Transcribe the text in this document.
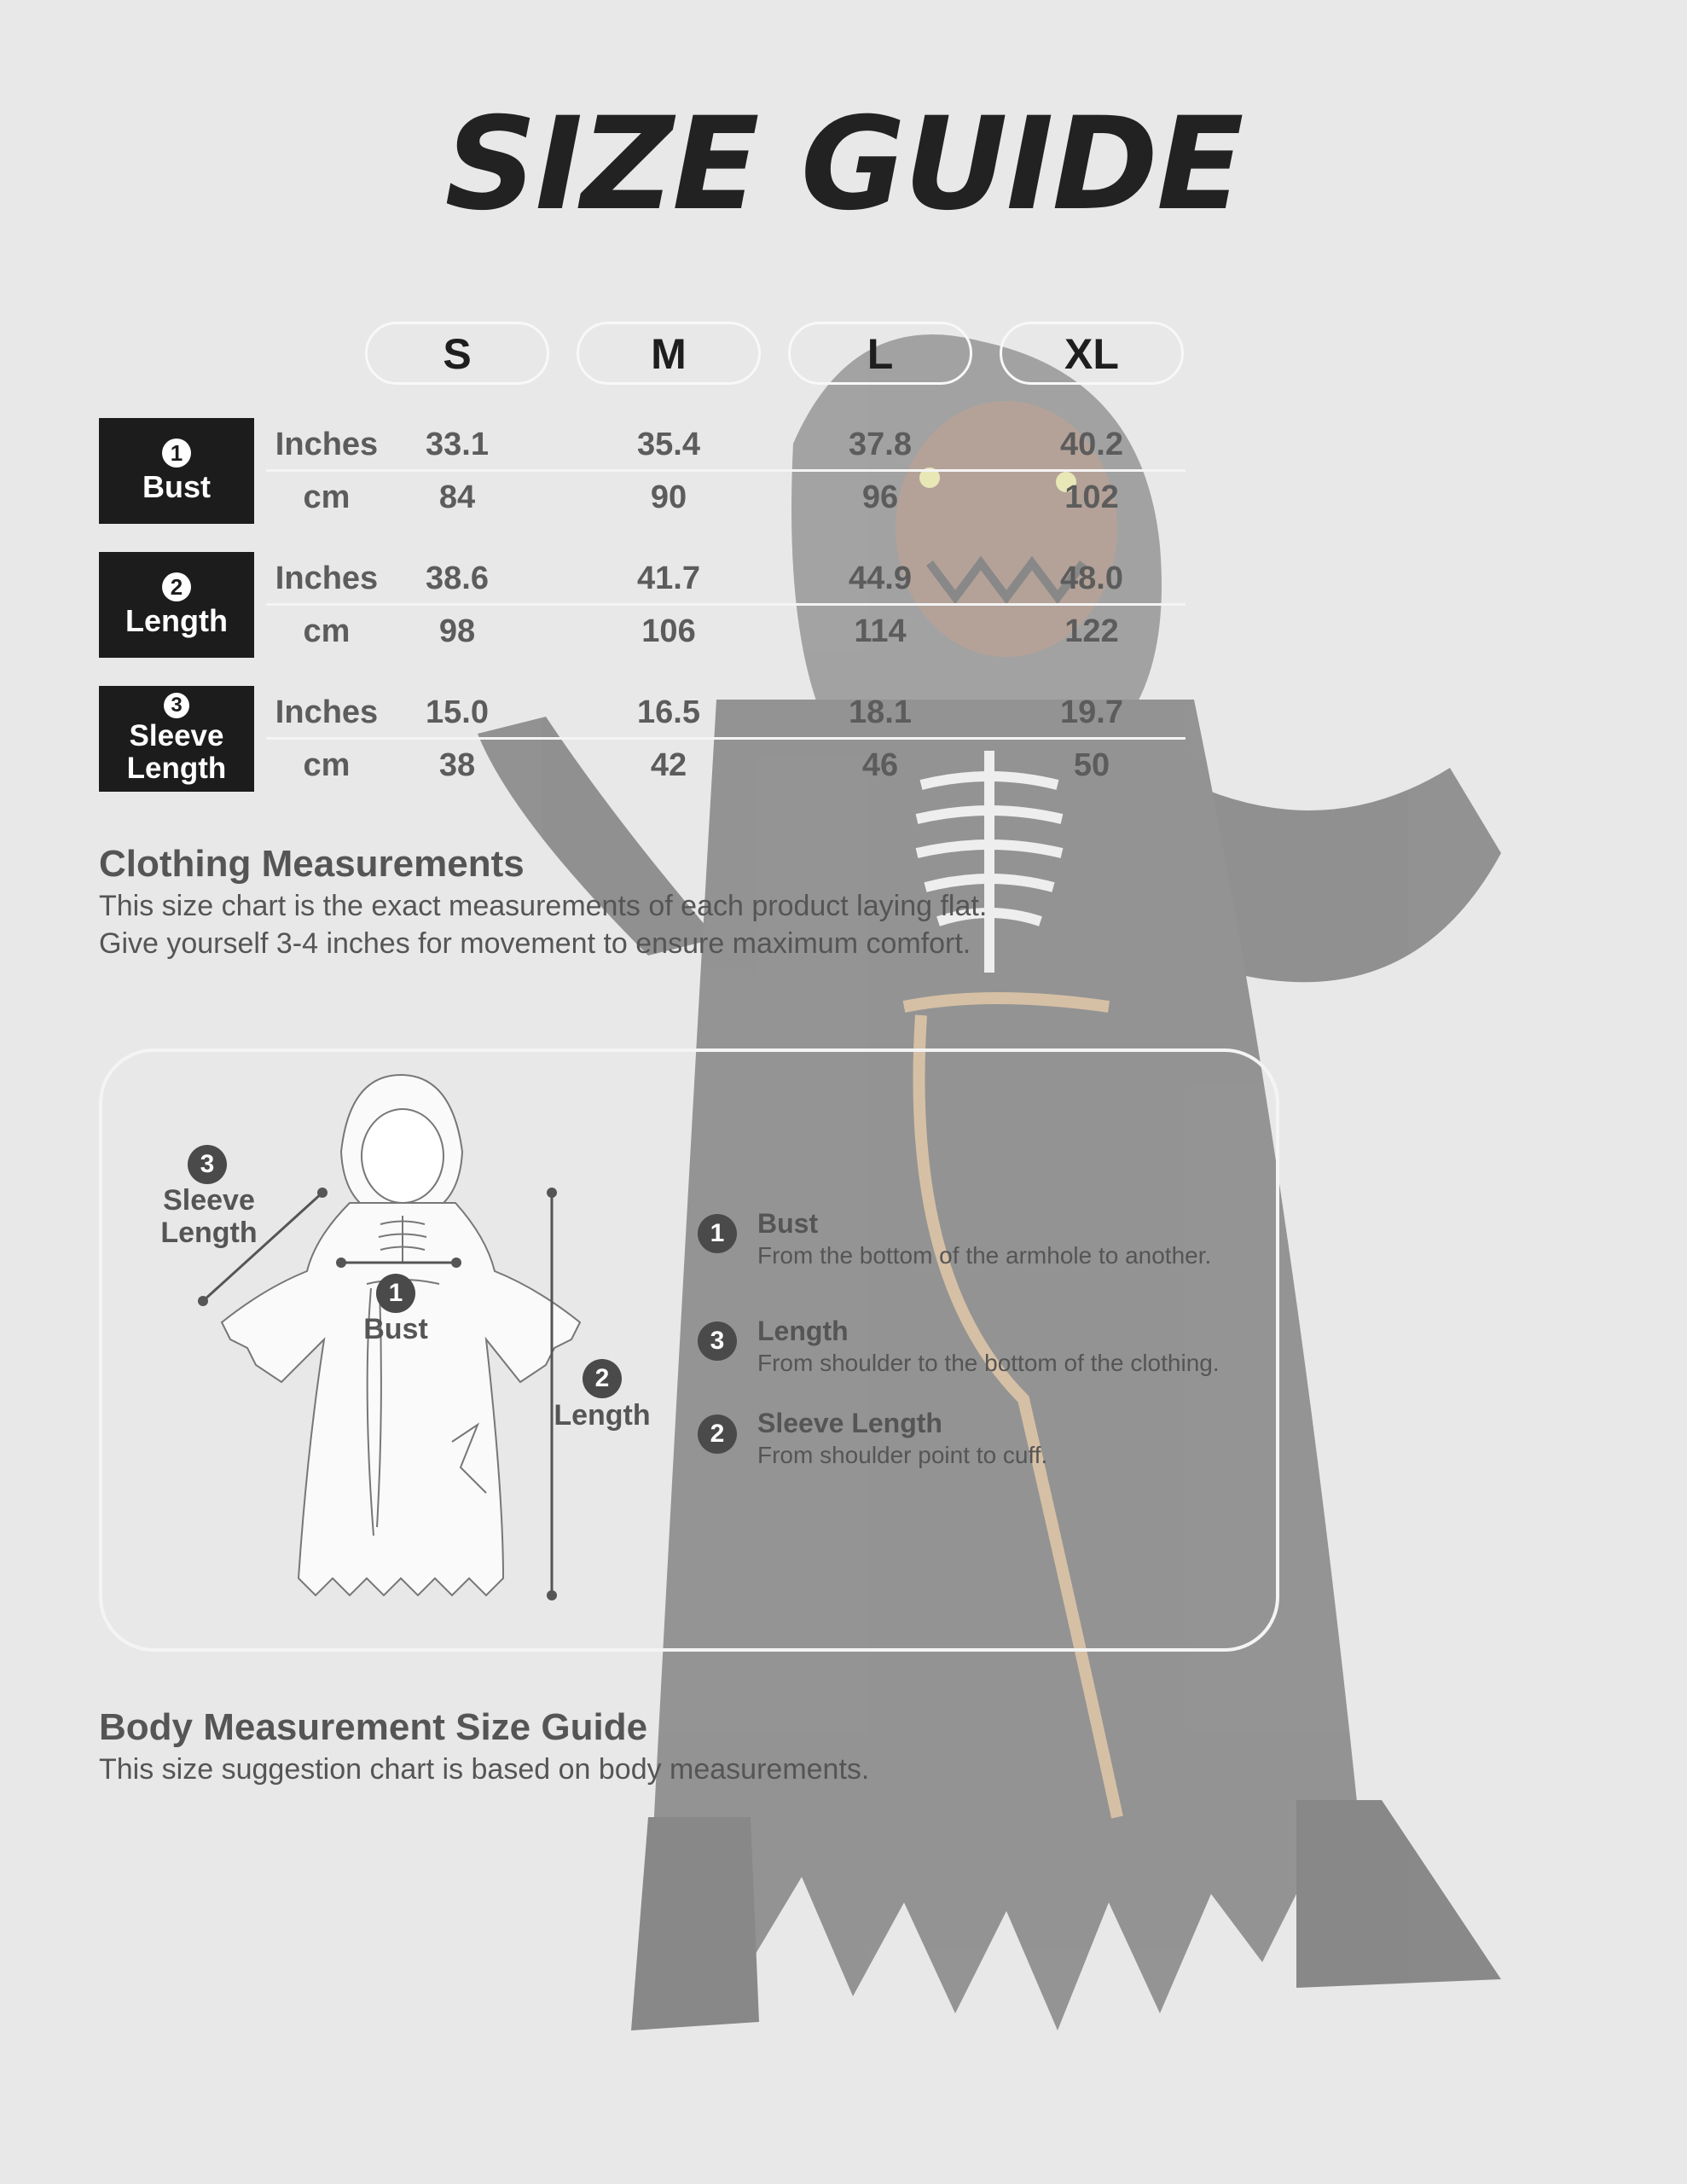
SIZE GUIDE
S	M	L	XL
1
Bust
Inches	33.1	35.4	37.8	40.2
cm	84	90	96	102
2
Length
Inches	38.6	41.7	44.9	48.0
cm	98	106	114	122
3
Sleeve
Length
Inches	15.0	16.5	18.1	19.7
cm	38	42	46	50
Clothing Measurements
This size chart is the exact measurements of each product laying flat.
Give yourself 3-4 inches for movement to ensure maximum comfort.
3
Sleeve
Length
1
Bust
2
Length
1	Bust
From the bottom of the armhole to another.
3	Length
From shoulder to the bottom of the clothing.
2	Sleeve Length
From shoulder point to cuff.
Body Measurement Size Guide
This size suggestion chart is based on body measurements.
